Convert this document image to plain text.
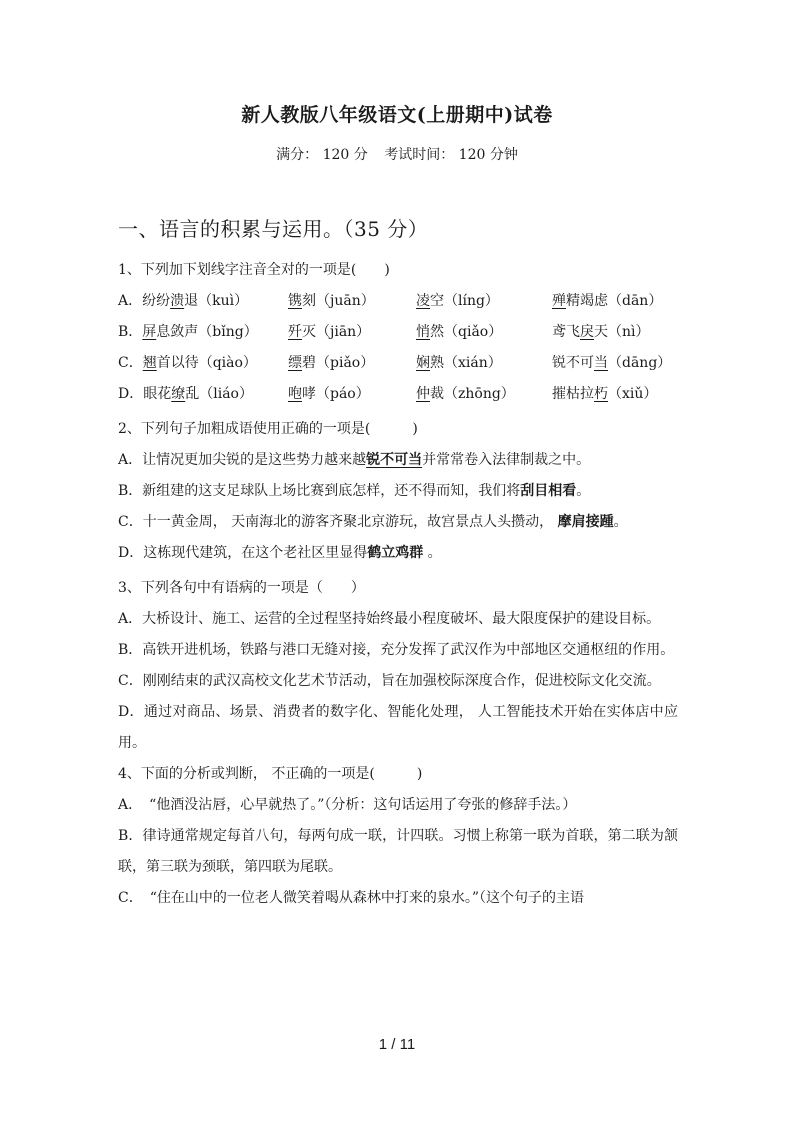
新人教版八年级语文(上册期中)试卷
满分： 120 分 考试时间： 120 分钟
一、语言的积累与运用。（35 分）
1、下列加下划线字注音全对的一项是(　　)
A．纷纷溃退（kuì）	镌刻（juān）	凌空（líng）	殚精竭虑（dān）
B．屏息敛声（bǐng）	歼灭（jiān）	悄然（qiǎo）	鸢飞戾天（nì）
C．翘首以待（qiào）	缥碧（piǎo）	娴熟（xián）	锐不可当（dāng）
D．眼花缭乱（liáo）	咆哮（páo）	仲裁（zhōng）	摧枯拉朽（xiǔ）
2、下列句子加粗成语使用正确的一项是(　　　)
A．让情况更加尖锐的是这些势力越来越锐不可当并常常卷入法律制裁之中。
B．新组建的这支足球队上场比赛到底怎样，还不得而知，我们将刮目相看。
C．十一黄金周， 天南海北的游客齐聚北京游玩，故宫景点人头攒动， 摩肩接踵。
D．这栋现代建筑，在这个老社区里显得鹤立鸡群 。
3、下列各句中有语病的一项是（　　）
A．大桥设计、施工、运营的全过程坚持始终最小程度破坏、最大限度保护的建设目标。
B．高铁开进机场，铁路与港口无缝对接，充分发挥了武汉作为中部地区交通枢纽的作用。
C．刚刚结束的武汉高校文化艺术节活动，旨在加强校际深度合作，促进校际文化交流。
D．通过对商品、场景、消费者的数字化、智能化处理， 人工智能技术开始在实体店中应用。
4、下面的分析或判断， 不正确的一项是(　　　)
A．　“他酒没沾唇，心早就热了。”（分析：这句话运用了夸张的修辞手法。）
B．律诗通常规定每首八句，每两句成一联，计四联。习惯上称第一联为首联，第二联为颔联，第三联为颈联，第四联为尾联。
C．　“住在山中的一位老人微笑着喝从森林中打来的泉水。”（这个句子的主语
1 / 11
